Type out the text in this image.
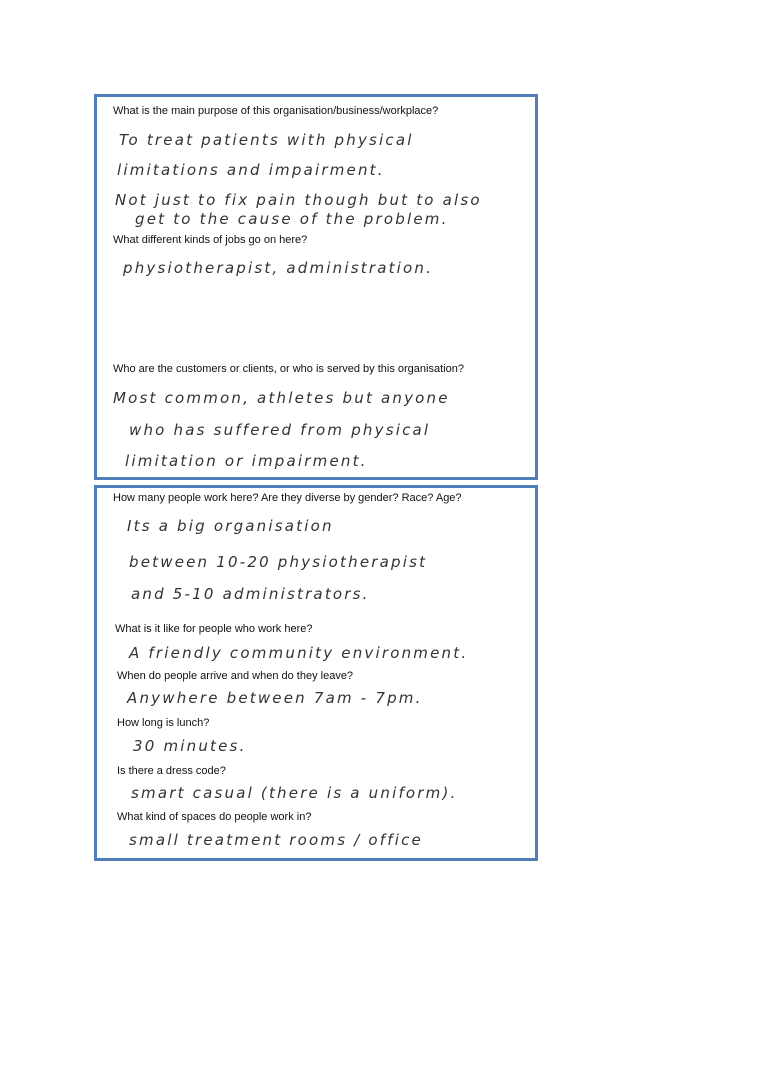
What is the main purpose of this organisation/business/workplace?
To treat patients with physical
limitations and impairment.
Not just to fix pain though but to also
get to the cause of the problem.
What different kinds of jobs go on here?
physiotherapist, administration.
Who are the customers or clients, or who is served by this organisation?
Most common, athletes but anyone
who has suffered from physical
limitation or impairment.
How many people work here? Are they diverse by gender? Race? Age?
Its a big organisation
between 10-20 physiotherapist
and 5-10 administrators.
What is it like for people who work here?
A friendly community environment.
When do people arrive and when do they leave?
Anywhere between 7am - 7pm.
How long is lunch?
30 minutes.
Is there a dress code?
smart casual (there is a uniform).
What kind of spaces do people work in?
small treatment rooms / office
